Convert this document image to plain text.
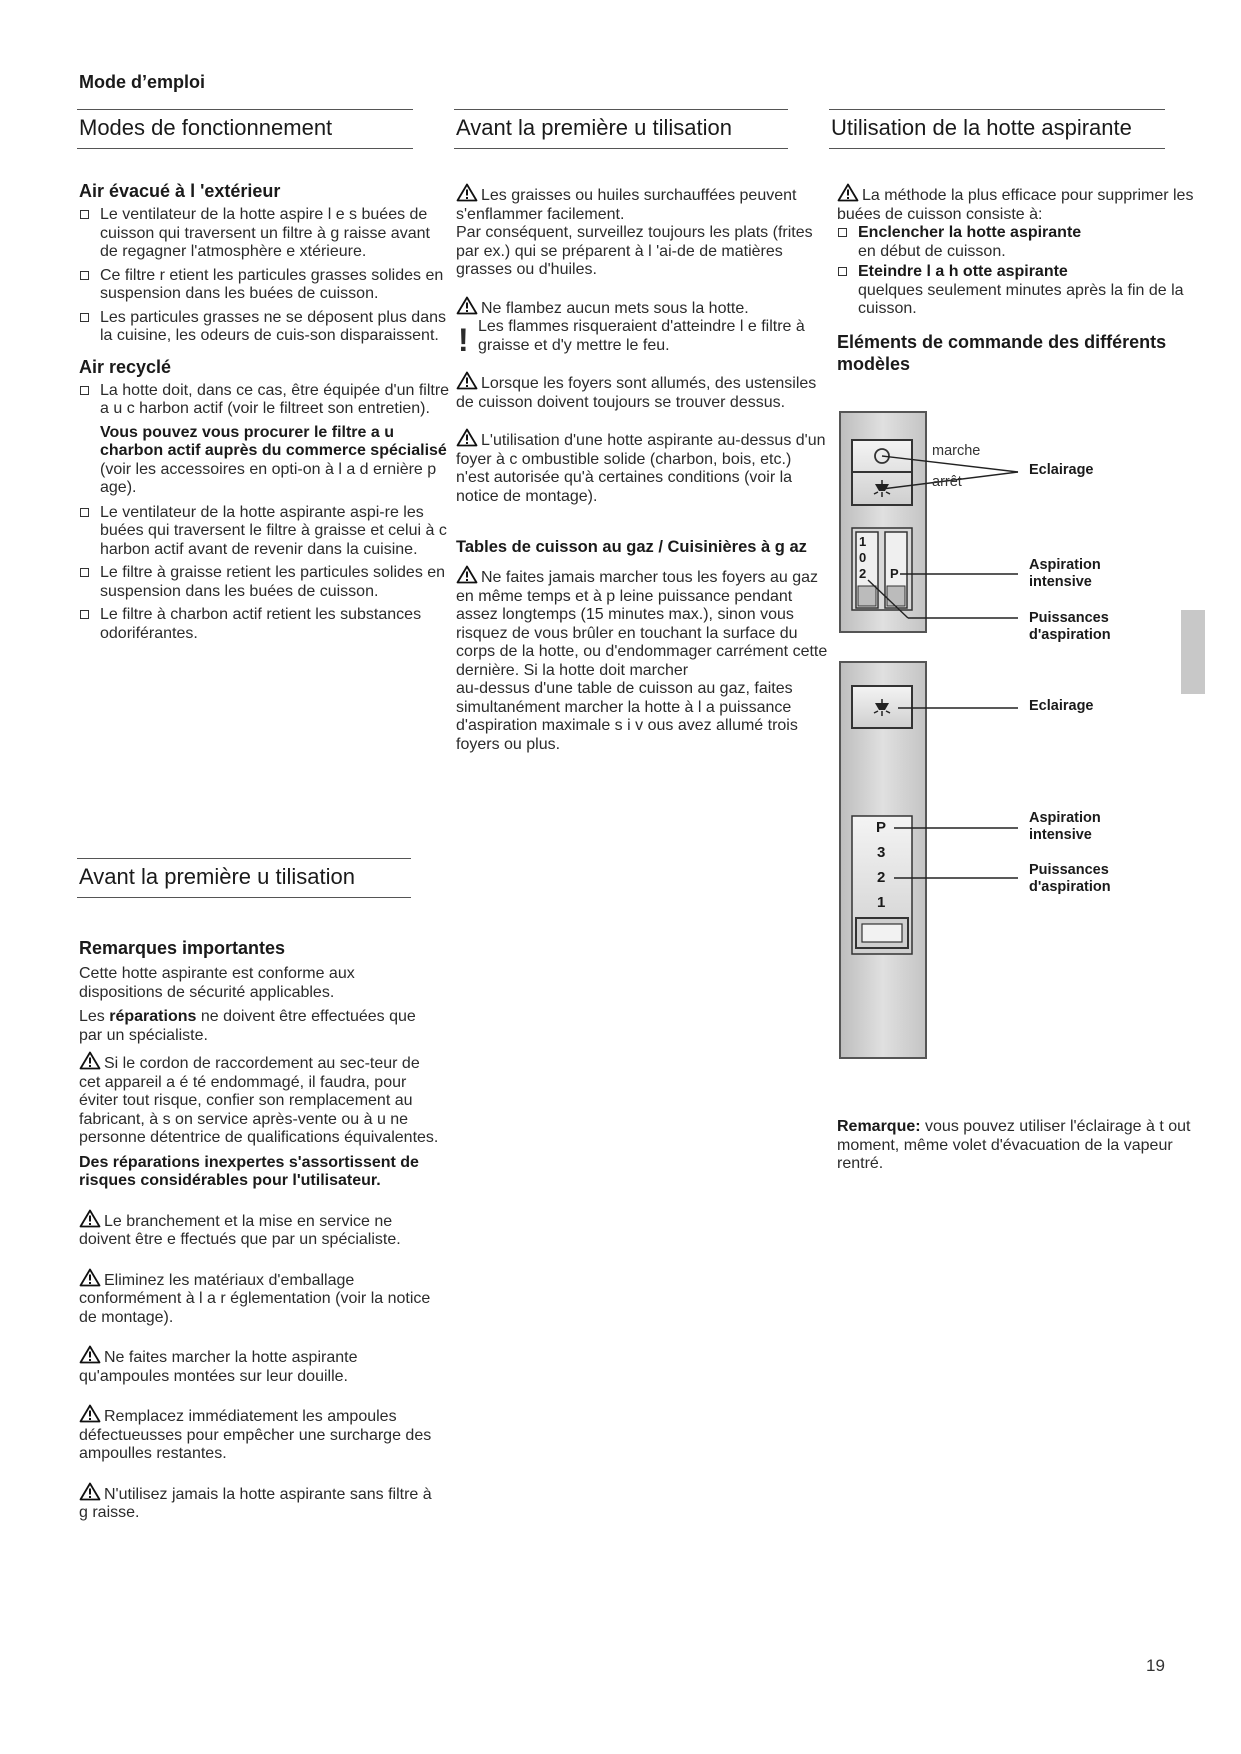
Mode d’emploi
Modes de fonctionnement	Avant la première u tilisation	Utilisation de la hotte aspirante
Avant la première u tilisation
Air évacué à l 'extérieur
Le ventilateur de la hotte aspire l e s buées de cuisson qui traversent un filtre à g raisse avant de regagner l'atmosphère e xtérieure.
Ce filtre r etient les particules grasses solides en suspension dans les buées de cuisson.
Les particules grasses ne se déposent plus dans la cuisine, les odeurs de cuis-son disparaissent.
Air recyclé
La hotte doit, dans ce cas, être équipée d'un filtre a u c harbon actif (voir le filtreet son entretien).

Vous pouvez vous procurer le filtre a u charbon actif auprès du commerce spécialisé (voir les accessoires en opti-on à l a d ernière p age).

Le ventilateur de la hotte aspirante aspi-re les buées qui traversent le filtre à graisse et celui à c harbon actif avant de revenir dans la cuisine.
Le filtre à graisse retient les particules solides en suspension dans les buées de cuisson.
Le filtre à charbon actif retient les substances odoriférantes.
Remarques importantes

Cette hotte aspirante est conforme aux dispositions de sécurité applicables.

Les réparations ne doivent être effectuées que par un spécialiste.

Si le cordon de raccordement au sec-teur de cet appareil a é té endommagé, il faudra, pour éviter tout risque, confier son remplacement au fabricant, à s on service après-vente ou à u ne personne détentrice de qualifications équivalentes.

Des réparations inexpertes s'assortissent de risques considérables pour l'utilisateur.

Le branchement et la mise en service ne doivent être e ffectués que par un spécialiste.

Eliminez les matériaux d'emballage conformément à l a r églementation (voir la notice de montage).

Ne faites marcher la hotte aspirante qu'ampoules montées sur leur douille.

Remplacez immédiatement les ampoules défectueusses pour empêcher une surcharge des ampoulles restantes.

N'utilisez jamais la hotte aspirante sans filtre à g raisse.

Les graisses ou huiles surchauffées peuvent s'enflammer facilement.

Par conséquent, surveillez toujours les plats (frites par ex.) qui se préparent à l 'ai-de de matières grasses ou d'huiles.

Ne flambez aucun mets sous la hotte.

! Les flammes risqueraient d'atteindre l e filtre à graisse et d'y mettre le feu.

Lorsque les foyers sont allumés, des ustensiles de cuisson doivent toujours se trouver dessus.

L'utilisation d'une hotte aspirante au-dessus d'un foyer à c ombustible solide (charbon, bois, etc.) n'est autorisée qu'à certaines conditions (voir la notice de montage).

Tables de cuisson au gaz / Cuisinières à g az

Ne faites jamais marcher tous les foyers au gaz en même temps et à p leine puissance pendant assez longtemps (15 minutes max.), sinon vous risquez de vous brûler en touchant la surface du corps de la hotte, ou d'endommager carrément cette dernière. Si la hotte doit marcher

au-dessus d'une table de cuisson au gaz, faites simultanément marcher la hotte à l a puissance d'aspiration maximale s i v ous avez allumé trois foyers ou plus.

La méthode la plus efficace pour supprimer les buées de cuisson consiste à:

Enclencher la hotte aspirante
en début de cuisson.
Eteindre l a h otte aspirante
quelques seulement minutes après la fin de la cuisson.
Eléments de commande des différents modèles
1
0
2 P
P
3
2
1
marche
arrêt
Eclairage
Aspiration intensive
Puissances d'aspiration
Eclairage
Aspiration intensive
Puissances d'aspiration

Remarque: vous pouvez utiliser l'éclairage à t out moment, même volet d'évacuation de la vapeur rentré.

19
